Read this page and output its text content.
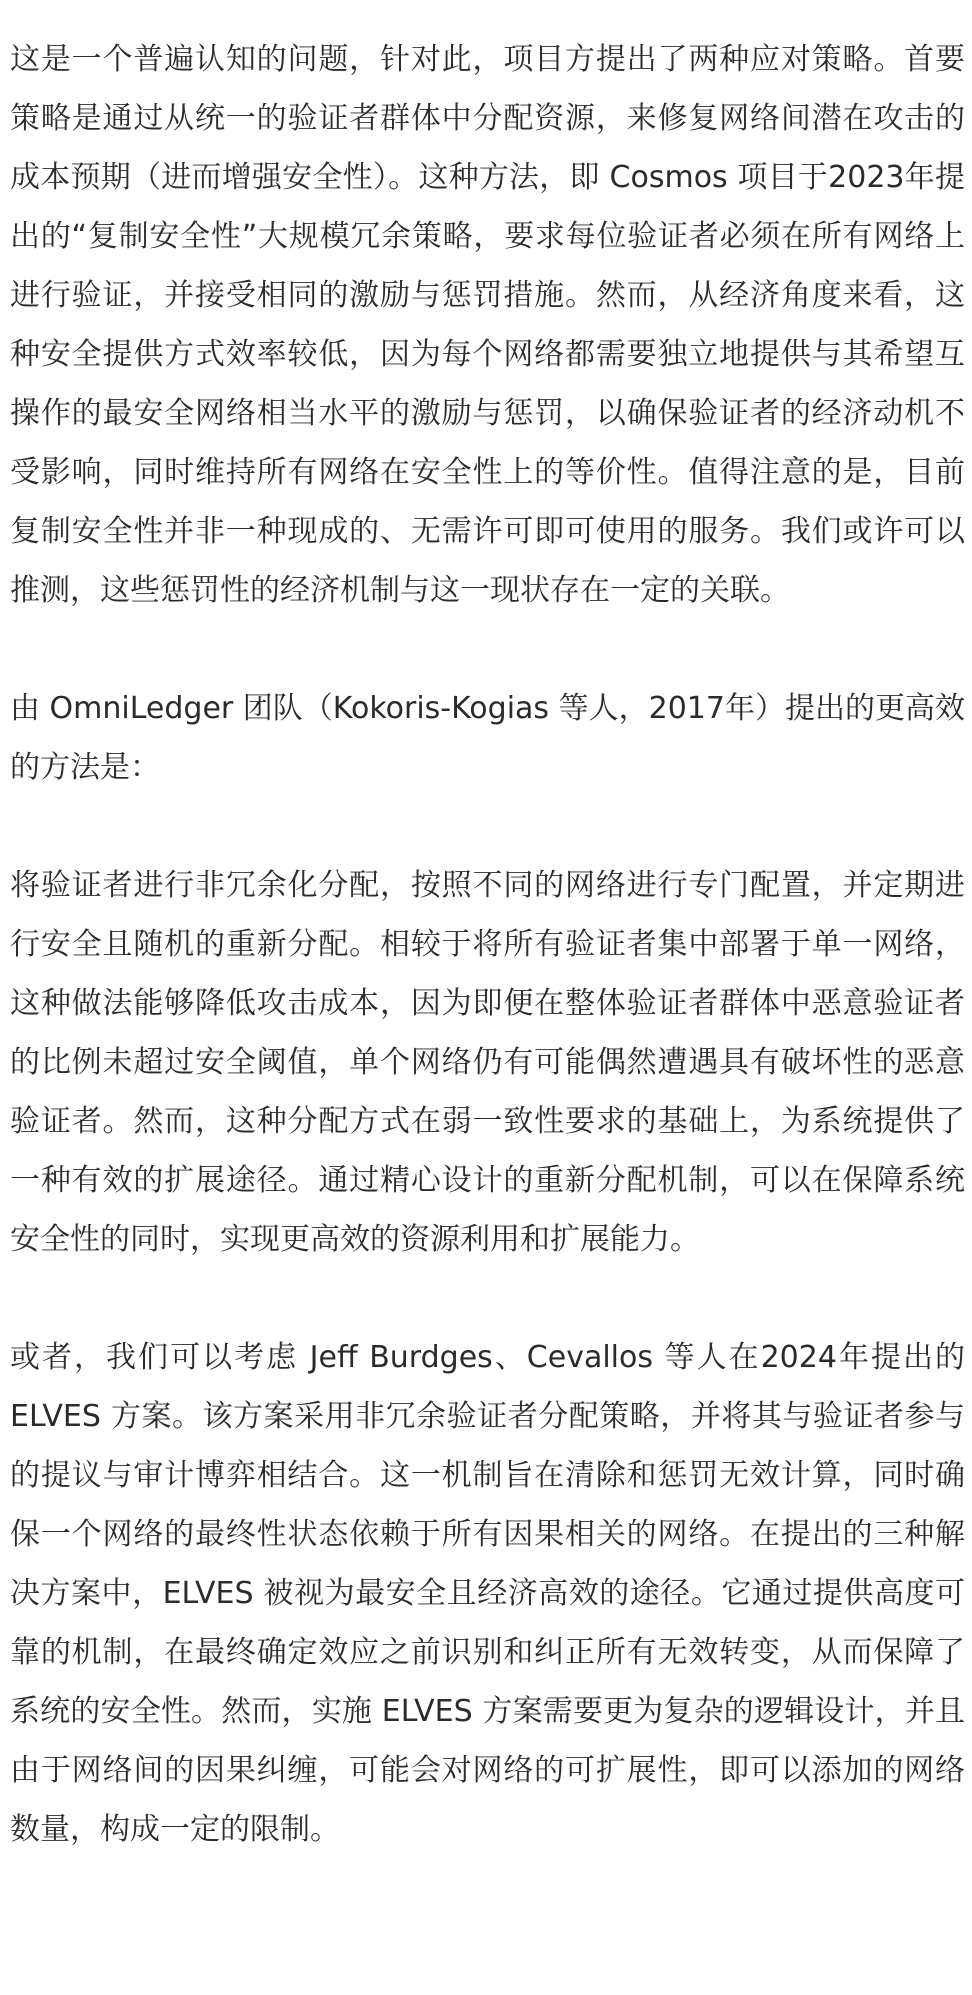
这是一个普遍认知的问题，针对此，项目方提出了两种应对策略。首要策略是通过从统一的验证者群体中分配资源，来修复网络间潜在攻击的成本预期（进而增强安全性）。这种方法，即 Cosmos 项目于2023年提出的“复制安全性”大规模冗余策略，要求每位验证者必须在所有网络上进行验证，并接受相同的激励与惩罚措施。然而，从经济角度来看，这种安全提供方式效率较低，因为每个网络都需要独立地提供与其希望互操作的最安全网络相当水平的激励与惩罚，以确保验证者的经济动机不受影响，同时维持所有网络在安全性上的等价性。值得注意的是，目前复制安全性并非一种现成的、无需许可即可使用的服务。我们或许可以推测，这些惩罚性的经济机制与这一现状存在一定的关联。

由 OmniLedger 团队（Kokoris-Kogias 等人，2017年）提出的更高效的方法是：

将验证者进行非冗余化分配，按照不同的网络进行专门配置，并定期进行安全且随机的重新分配。相较于将所有验证者集中部署于单一网络，这种做法能够降低攻击成本，因为即便在整体验证者群体中恶意验证者的比例未超过安全阈值，单个网络仍有可能偶然遭遇具有破坏性的恶意验证者。然而，这种分配方式在弱一致性要求的基础上，为系统提供了一种有效的扩展途径。通过精心设计的重新分配机制，可以在保障系统安全性的同时，实现更高效的资源利用和扩展能力。

或者，我们可以考虑 Jeff Burdges、Cevallos 等人在2024年提出的 ELVES 方案。该方案采用非冗余验证者分配策略，并将其与验证者参与的提议与审计博弈相结合。这一机制旨在清除和惩罚无效计算，同时确保一个网络的最终性状态依赖于所有因果相关的网络。在提出的三种解决方案中，ELVES 被视为最安全且经济高效的途径。它通过提供高度可靠的机制，在最终确定效应之前识别和纠正所有无效转变，从而保障了系统的安全性。然而，实施 ELVES 方案需要更为复杂的逻辑设计，并且由于网络间的因果纠缠，可能会对网络的可扩展性，即可以添加的网络数量，构成一定的限制。
